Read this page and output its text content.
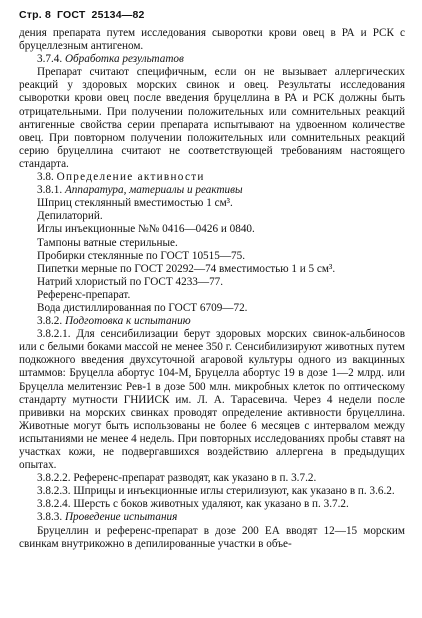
Стр. 8 ГОСТ 25134—82

дения препарата путем исследования сыворотки крови овец в РА и РСК с бруцеллезным антигеном.

3.7.4. Обработка результатов

Препарат считают специфичным, если он не вызывает аллергических реакций у здоровых морских свинок и овец. Результаты исследования сыворотки крови овец после введения бруцеллина в РА и РСК должны быть отрицательными. При получении положительных или сомнительных реакций антигенные свойства серии препарата испытывают на удвоенном количестве овец. При повторном получении положительных или сомнительных реакций серию бруцеллина считают не соответствующей требованиям настоящего стандарта.

3.8. Определение активности

3.8.1. Аппаратура, материалы и реактивы

Шприц стеклянный вместимостью 1 см³.

Депилаторий.

Иглы инъекционные №№ 0416—0426 и 0840.

Тампоны ватные стерильные.

Пробирки стеклянные по ГОСТ 10515—75.

Пипетки мерные по ГОСТ 20292—74 вместимостью 1 и 5 см³.

Натрий хлористый по ГОСТ 4233—77.

Референс-препарат.

Вода дистиллированная по ГОСТ 6709—72.

3.8.2. Подготовка к испытанию

3.8.2.1. Для сенсибилизации берут здоровых морских свинок-альбиносов или с белыми боками массой не менее 350 г. Сенсибилизируют животных путем подкожного введения двухсуточной агаровой культуры одного из вакцинных штаммов: Бруцелла абортус 104-М, Бруцелла абортус 19 в дозе 1—2 млрд. или Бруцелла мелитензис Рев-1 в дозе 500 млн. микробных клеток по оптическому стандарту мутности ГНИИСК им. Л. А. Тарасевича. Через 4 недели после прививки на морских свинках проводят определение активности бруцеллина. Животные могут быть использованы не более 6 месяцев с интервалом между испытаниями не менее 4 недель. При повторных исследованиях пробы ставят на участках кожи, не подвергавшихся воздействию аллергена в предыдущих опытах.

3.8.2.2. Референс-препарат разводят, как указано в п. 3.7.2.

3.8.2.3. Шприцы и инъекционные иглы стерилизуют, как указано в п. 3.6.2.

3.8.2.4. Шерсть с боков животных удаляют, как указано в п. 3.7.2.

3.8.3. Проведение испытания

Бруцеллин и референс-препарат в дозе 200 ЕА вводят 12—15 морским свинкам внутрикожно в депилированные участки в объе-
